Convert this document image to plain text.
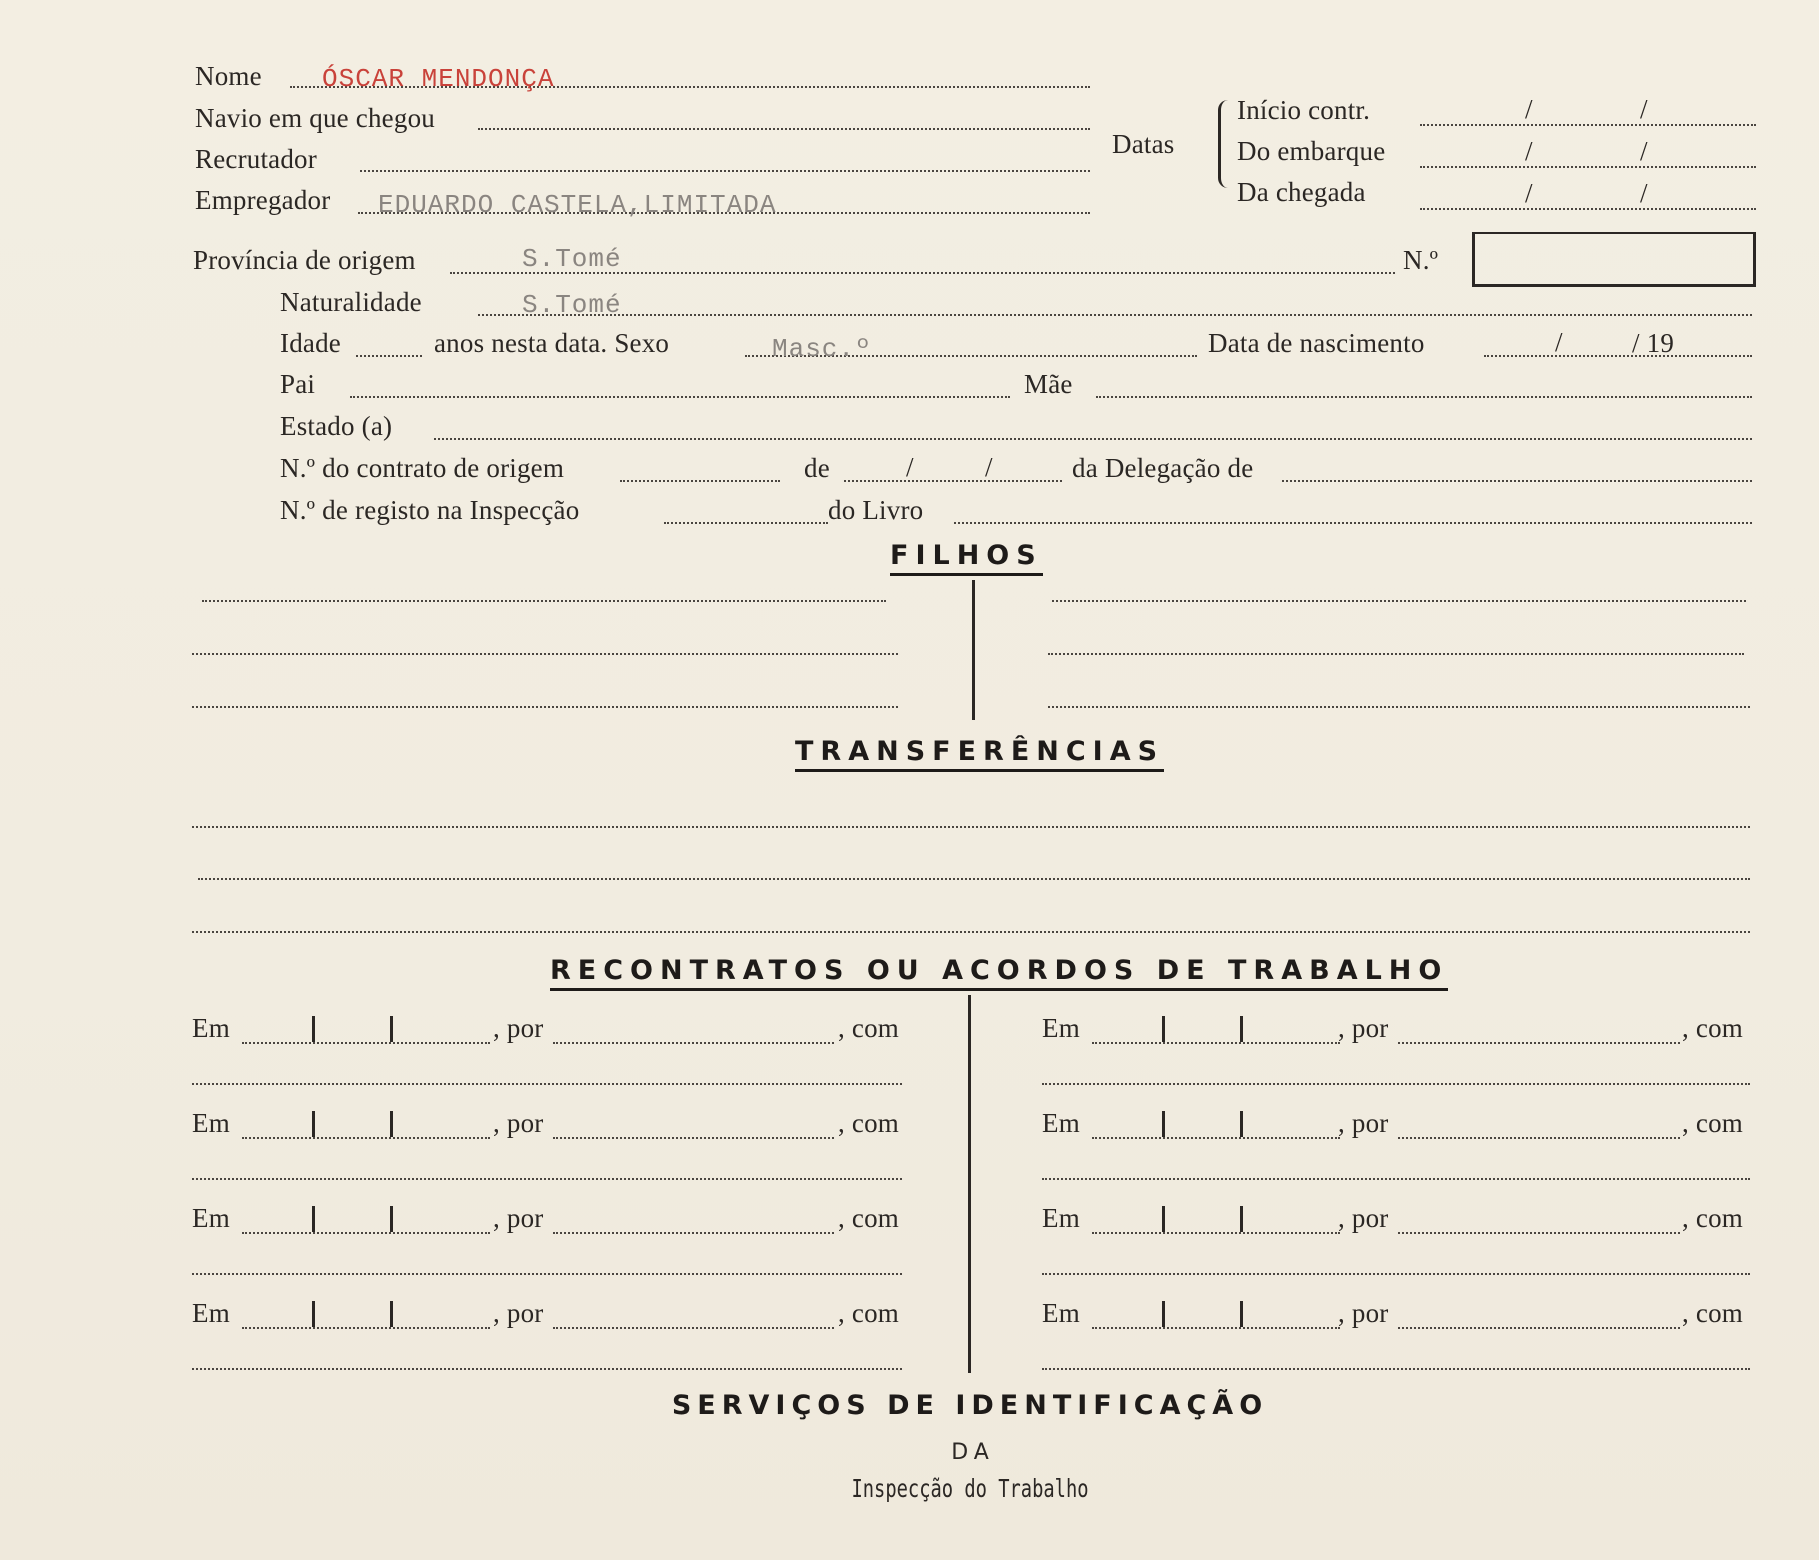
Nome ÓSCAR MENDONÇA
Navio em que chegou
Recrutador
Empregador EDUARDO CASTELA,LIMITADA
Datas
Início contr.	/	/
Do embarque	/	/
Da chegada	/	/
Província de origem	S.Tomé	N.º
Naturalidade	S.Tomé
Idade	anos nesta data. Sexo	Masc.º	Data de nascimento	/	/ 19
Pai	Mãe
Estado (a)
N.º do contrato de origem	de	/	/	da Delegação de
N.º de registo na Inspecção	do Livro
FILHOS
TRANSFERÊNCIAS
RECONTRATOS OU ACORDOS DE TRABALHO
Em	, por	, com	Em	, por	, com
Em	, por	, com	Em	, por	, com
Em	, por	, com	Em	, por	, com
Em	, por	, com	Em	, por	, com
SERVIÇOS DE IDENTIFICAÇÃO
DA
Inspecção do Trabalho
